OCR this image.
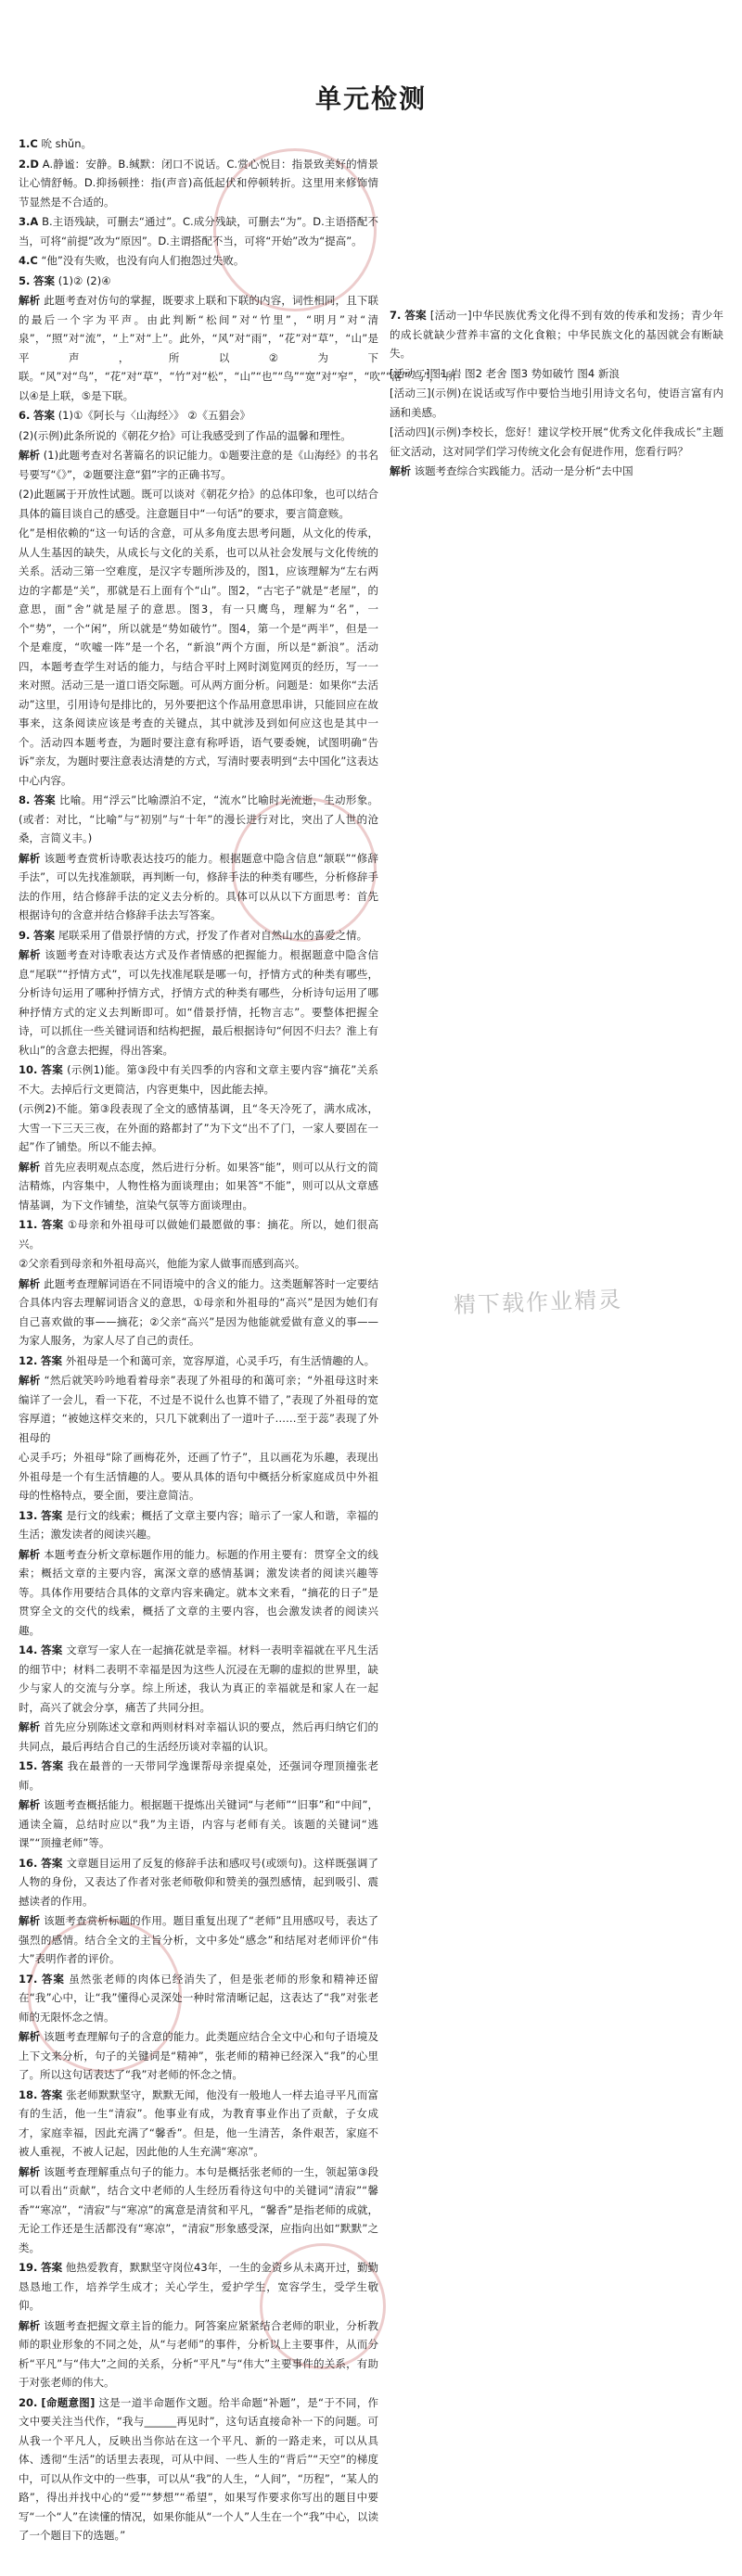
单元检测

1.C 吮 shǔn。

2.D A.静谧：安静。B.缄默：闭口不说话。C.赏心悦目：指景致美好的情景让心情舒畅。D.抑扬顿挫：指(声音)高低起伏和停顿转折。这里用来修饰情节显然是不合适的。

3.A B.主语残缺，可删去“通过”。C.成分残缺，可删去“为”。D.主语搭配不当，可将“前提”改为“原因”。D.主谓搭配不当，可将“开始”改为“提高”。

4.C “他”没有失败，也没有向人们抱怨过失败。

5. 答案 (1)② (2)④

解析 此题考查对仿句的掌握，既要求上联和下联的内容，词性相同，且下联的最后一个字为平声。由此判断“松间”对“竹里”，“明月”对“清泉”，“照”对“流”，“上”对“上”。此外，“风”对“雨”，“花”对“草”，“山”是平声，所以②为下联。“风”对“鸟”，“花”对“草”，“竹”对“松”，“山”“也”“鸟”“宽”对“窄”，“吹”“落”“鸟”，“所以④是上联，⑤是下联。

6. 答案 (1)①《阿长与〈山海经〉》 ②《五猖会》

(2)(示例)此条所说的《朝花夕拾》可让我感受到了作品的温馨和理性。

解析 (1)此题考查对名著篇名的识记能力。①题要注意的是《山海经》的书名号要写“《》”，②题要注意“猖”字的正确书写。

(2)此题属于开放性试题。既可以谈对《朝花夕拾》的总体印象，也可以结合具体的篇目谈自己的感受。注意题目中“一句话”的要求，要言简意赅。

化”是相依赖的“这一句话的含意，可从多角度去思考问题，从文化的传承，从人生基因的缺失，从成长与文化的关系，也可以从社会发展与文化传统的关系。活动三第一空难度，是汉字专题所涉及的，图1，应该理解为“左右两边的字都是“关”，那就是石上面有个“山”。图2，“古宅子”就是“老屋”，的意思，面”舍”就是屋子的意思。图3，有一只鹰鸟，理解为“名”，一个“势”，一个“闲”，所以就是“势如破竹”。图4，第一个是“两半”，但是一个是难度，“吹嘘一阵”是一个名，“新浪”两个方面，所以是“新浪”。活动四，本题考查学生对话的能力，与结合平时上网时浏览网页的经历，写一一来对照。活动三是一道口语交际题。可从两方面分析。问题是：如果你“去活动”这里，引用诗句是排比的，另外要把这个作品用意思串讲，只能回应在故事来，这条阅读应该是考查的关键点，其中就涉及到如何应这也是其中一个。活动四本题考查，为题时要注意有称呼语，语气要委婉，试图明确“告诉”亲友，为题时要注意表达清楚的方式，写清时要表明到“去中国化”这表达中心内容。

8. 答案 比喻。用“浮云”比喻漂泊不定，“流水”比喻时光流逝，生动形象。(或者：对比，“比喻”与“初别”与“十年”的漫长进行对比，突出了人世的沧桑，言简义丰。)

解析 该题考查赏析诗歌表达技巧的能力。根据题意中隐含信息“颔联”“修辞手法”，可以先找准颔联，再判断一句，修辞手法的种类有哪些，分析修辞手法的作用，结合修辞手法的定义去分析的。具体可以从以下方面思考：首先根据诗句的含意并结合修辞手法去写答案。

9. 答案 尾联采用了借景抒情的方式，抒发了作者对自然山水的喜爱之情。

解析 该题考查对诗歌表达方式及作者情感的把握能力。根据题意中隐含信息“尾联”“抒情方式”，可以先找准尾联是哪一句，抒情方式的种类有哪些，分析诗句运用了哪种抒情方式，抒情方式的种类有哪些，分析诗句运用了哪种抒情方式的定义去判断即可。如“借景抒情，托物言志”。要整体把握全诗，可以抓住一些关键词语和结构把握，最后根据诗句“何因不归去？淮上有秋山”的含意去把握，得出答案。

10. 答案 (示例1)能。第③段中有关四季的内容和文章主要内容“摘花”关系不大。去掉后行文更简洁，内容更集中，因此能去掉。

(示例2)不能。第③段表现了全文的感情基调，且“冬天冷死了，满水成冰，大雪一下三天三夜，在外面的路都封了”为下文“出不了门，一家人要固在一起”作了铺垫。所以不能去掉。

解析 首先应表明观点态度，然后进行分析。如果答“能”，则可以从行文的简洁精炼，内容集中，人物性格为面谈理由；如果答“不能”，则可以从文章感情基调，为下文作铺垫，渲染气氛等方面谈理由。

11. 答案 ①母亲和外祖母可以做她们最愿做的事：摘花。所以，她们很高兴。

②父亲看到母亲和外祖母高兴，他能为家人做事而感到高兴。

解析 此题考查理解词语在不同语境中的含义的能力。这类题解答时一定要结合具体内容去理解词语含义的意思，①母亲和外祖母的“高兴”是因为她们有自己喜欢做的事——摘花；②父亲“高兴”是因为他能就爱做有意义的事——为家人服务，为家人尽了自己的责任。

12. 答案 外祖母是一个和蔼可亲，宽容厚道，心灵手巧，有生活情趣的人。

解析 “然后就笑吟吟地看着母亲”表现了外祖母的和蔼可亲；“外祖母这时来编详了一会儿，看一下花，不过是不说什么也算不错了，”表现了外祖母的宽容厚道；“被她这样交来的，只几下就剩出了一道叶子……至于蕊”表现了外祖母的

心灵手巧；外祖母“除了画梅花外，还画了竹子”，且以画花为乐趣，表现出外祖母是一个有生活情趣的人。要从具体的语句中概括分析家庭成员中外祖母的性格特点，要全面，要注意简洁。

13. 答案 是行文的线索；概括了文章主要内容；暗示了一家人和谐，幸福的生活；激发读者的阅读兴趣。

解析 本题考查分析文章标题作用的能力。标题的作用主要有：贯穿全文的线索；概括文章的主要内容，寓深文章的感情基调；激发读者的阅读兴趣等等。具体作用要结合具体的文章内容来确定。就本文来看，“摘花的日子”是贯穿全文的交代的线索，概括了文章的主要内容，也会激发读者的阅读兴趣。

14. 答案 文章写一家人在一起摘花就是幸福。材料一表明幸福就在平凡生活的细节中；材料二表明不幸福是因为这些人沉浸在无聊的虚拟的世界里，缺少与家人的交流与分享。综上所述，我认为真正的幸福就是和家人在一起时，高兴了就会分享，痛苦了共同分担。

解析 首先应分别陈述文章和两则材料对幸福认识的要点，然后再归纳它们的共同点，最后再结合自己的生活经历谈对幸福的认识。

15. 答案 我在最普的一天带同学逸课帮母亲提桌处，还强词夺理顶撞张老师。

解析 该题考查概括能力。根据题干提炼出关键词“与老师”“旧事”和“中间”，通读全篇，总结时应以“我”为主语，内容与老师有关。该题的关键词“逃课”“顶撞老师”等。

16. 答案 文章题目运用了反复的修辞手法和感叹号(或颂句)。这样既强调了人物的身份，又表达了作者对张老师敬仰和赞美的强烈感情，起到吸引、震撼读者的作用。

解析 该题考查赏析标题的作用。题目重复出现了“老师”且用感叹号，表达了强烈的感情。结合全文的主旨分析，文中多处“感念”和结尾对老师评价“伟大”表明作者的评价。

17. 答案 虽然张老师的肉体已经消失了，但是张老师的形象和精神还留在“我”心中，让“我”懂得心灵深处一种时常清晰记起，这表达了“我”对张老师的无限怀念之情。

解析 该题考查理解句子的含意的能力。此类题应结合全文中心和句子语境及上下文来分析，句子的关键词是“精神”，张老师的精神已经深入“我”的心里了。所以这句话表达了“我”对老师的怀念之情。

18. 答案 张老师默默坚守，默默无闻，他没有一般地人一样去追寻平凡而富有的生活，他一生“清寂”。他事业有成，为教育事业作出了贡献，子女成才，家庭幸福，因此充满了“馨香”。但是，他一生清苦，条件艰苦，家庭不被人重视，不被人记起，因此他的人生充满“寒凉”。

解析 该题考查理解重点句子的能力。本句是概括张老师的一生，领起第③段可以看出“贡献”，结合文中老师的人生经历看待这句中的关键词“清寂”“馨香”“寒凉”，“清寂”与“寒凉”的寓意是清贫和平凡，“馨香”是指老师的成就，无论工作还是生活都没有“寒凉”，“清寂”形象感受深，应指向出如“默默”之类。

19. 答案 他热爱教育，默默坚守岗位43年，一生的金资乡从未离开过，勤勤恳恳地工作，培养学生成才；关心学生，爱护学生，宽容学生，受学生敬仰。

解析 该题考查把握文章主旨的能力。阿答案应紧紧结合老师的职业，分析教师的职业形象的不同之处，从“与老师”的事件，分析以上主要事件，从而分析“平凡”与“伟大”之间的关系，分析“平凡”与“伟大”主要事件的关系，有助于对张老师的伟大。

20. [命题意图] 这是一道半命题作文题。给半命题“补题”，是“于不同，作文中要关注当代作，“我与______再见时”，这句话直接命补一下的问题。可从我一个平凡人，反映出当你站在这一个平凡、新的一路走来，可以从具体、透彻“生活”的话里去表现，可从中间、一些人生的“背后”“天空”的梯度中，可以从作文中的一些事，可以从“我”的人生，“人间”，“历程”，“某人的路”，得出并找中心的“爱”“梦想”“希望”，如果写作要求你写出的题目中要写“一个“人”在读懂的情况，如果你能从“一个人”人生在一个“我”中心，以读了一个题目下的选题。”

7. 答案 [活动一]中华民族优秀文化得不到有效的传承和发扬；青少年的成长就缺少营养丰富的文化食粮；中华民族文化的基因就会有断缺失。

[活动二]图1 岩 图2 老舍 图3 势如破竹 图4 新浪

[活动三](示例)在说话或写作中要恰当地引用诗文名句，使语言富有内涵和美感。

[活动四](示例)李校长，您好！建议学校开展“优秀文化伴我成长”主题征文活动，这对同学们学习传统文化会有促进作用，您看行吗？

解析 该题考查综合实践能力。活动一是分析“去中国

精下载作业精灵
